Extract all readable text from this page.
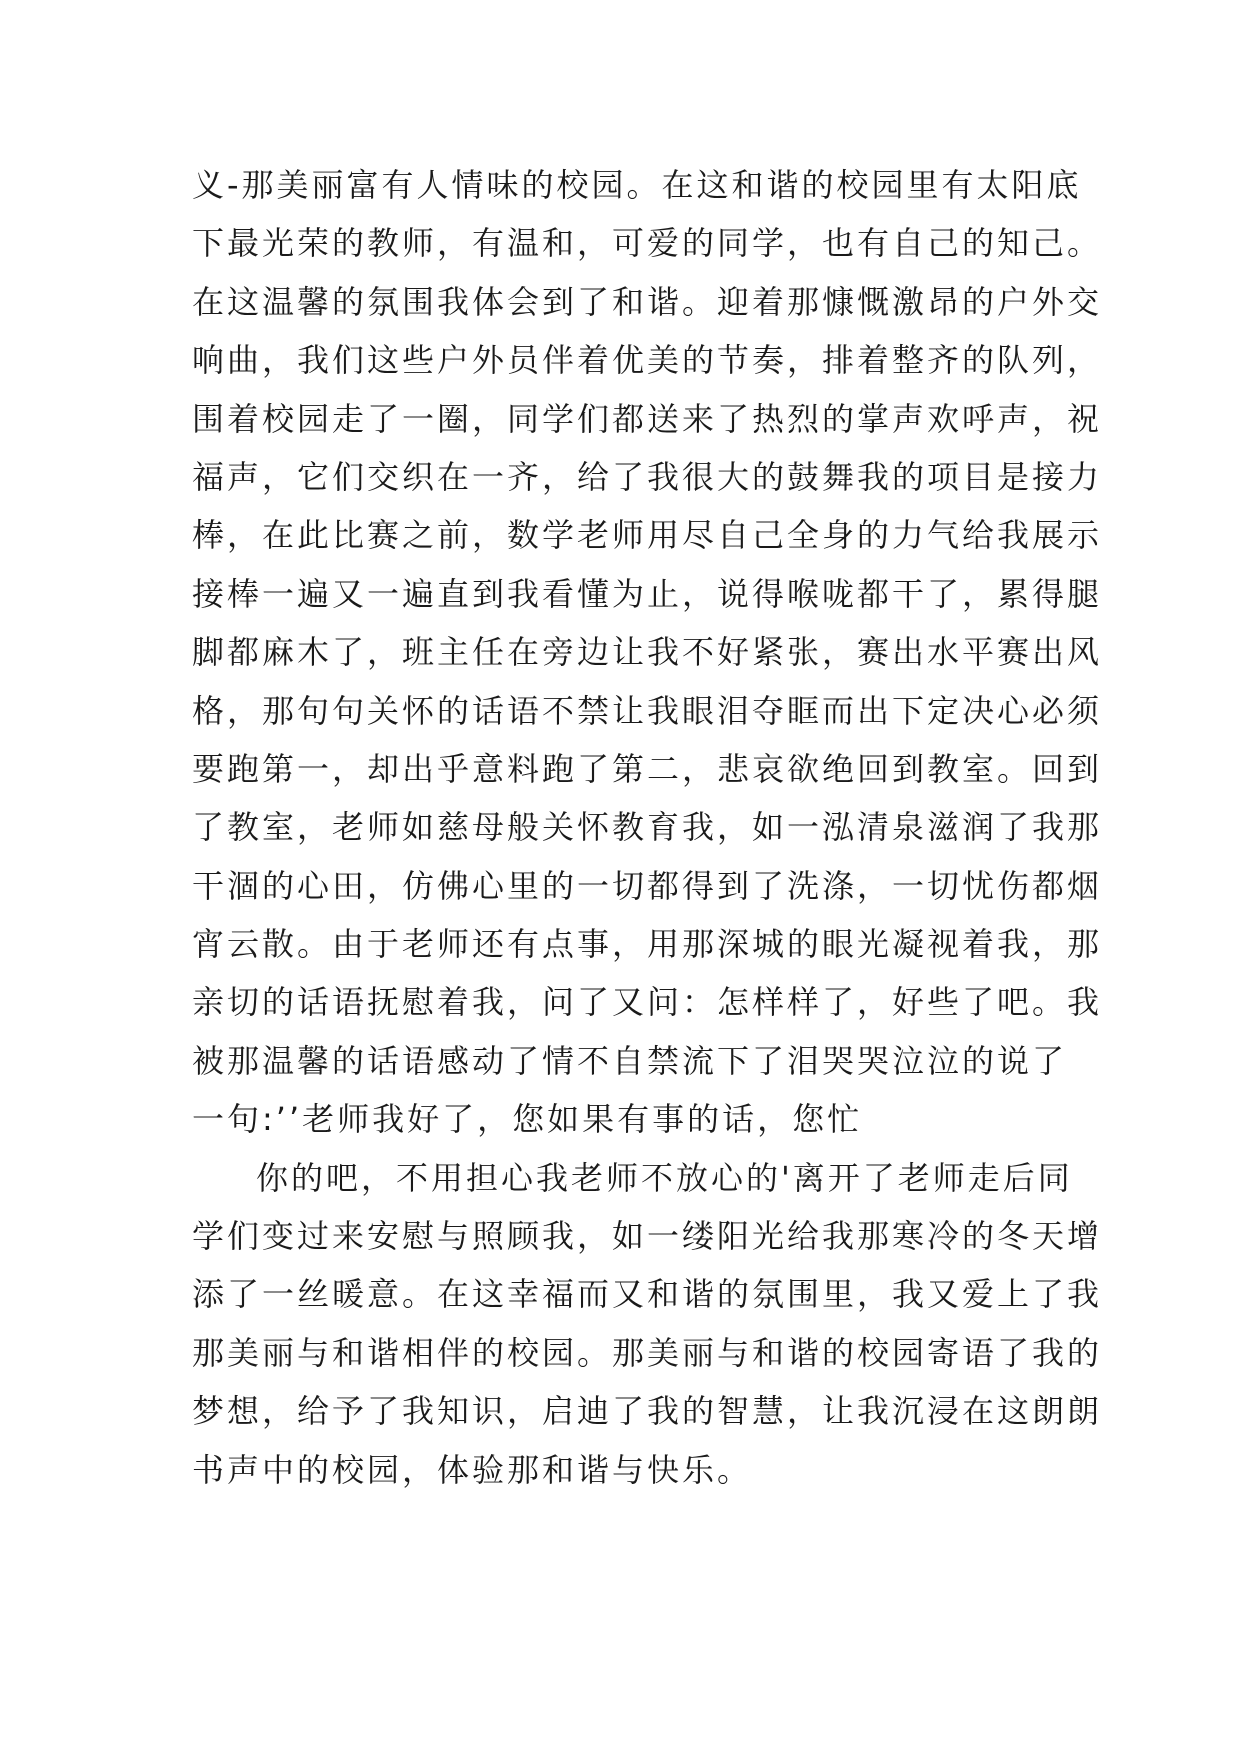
义-那美丽富有人情味的校园。在这和谐的校园里有太阳底
下最光荣的教师，有温和，可爱的同学，也有自己的知己。
在这温馨的氛围我体会到了和谐。迎着那慷慨激昂的户外交
响曲，我们这些户外员伴着优美的节奏，排着整齐的队列，
围着校园走了一圈，同学们都送来了热烈的掌声欢呼声，祝
福声，它们交织在一齐，给了我很大的鼓舞我的项目是接力
棒，在此比赛之前，数学老师用尽自己全身的力气给我展示
接棒一遍又一遍直到我看懂为止，说得喉咙都干了，累得腿
脚都麻木了，班主任在旁边让我不好紧张，赛出水平赛出风
格，那句句关怀的话语不禁让我眼泪夺眶而出下定决心必须
要跑第一，却出乎意料跑了第二，悲哀欲绝回到教室。回到
了教室，老师如慈母般关怀教育我，如一泓清泉滋润了我那
干涸的心田，仿佛心里的一切都得到了洗涤，一切忧伤都烟
宵云散。由于老师还有点事，用那深城的眼光凝视着我，那
亲切的话语抚慰着我，问了又问：怎样样了，好些了吧。我
被那温馨的话语感动了情不自禁流下了泪哭哭泣泣的说了
一句:’’老师我好了，您如果有事的话，您忙
你的吧，不用担心我老师不放心的'离开了老师走后同
学们变过来安慰与照顾我，如一缕阳光给我那寒冷的冬天增
添了一丝暖意。在这幸福而又和谐的氛围里，我又爱上了我
那美丽与和谐相伴的校园。那美丽与和谐的校园寄语了我的
梦想，给予了我知识，启迪了我的智慧，让我沉浸在这朗朗
书声中的校园，体验那和谐与快乐。
